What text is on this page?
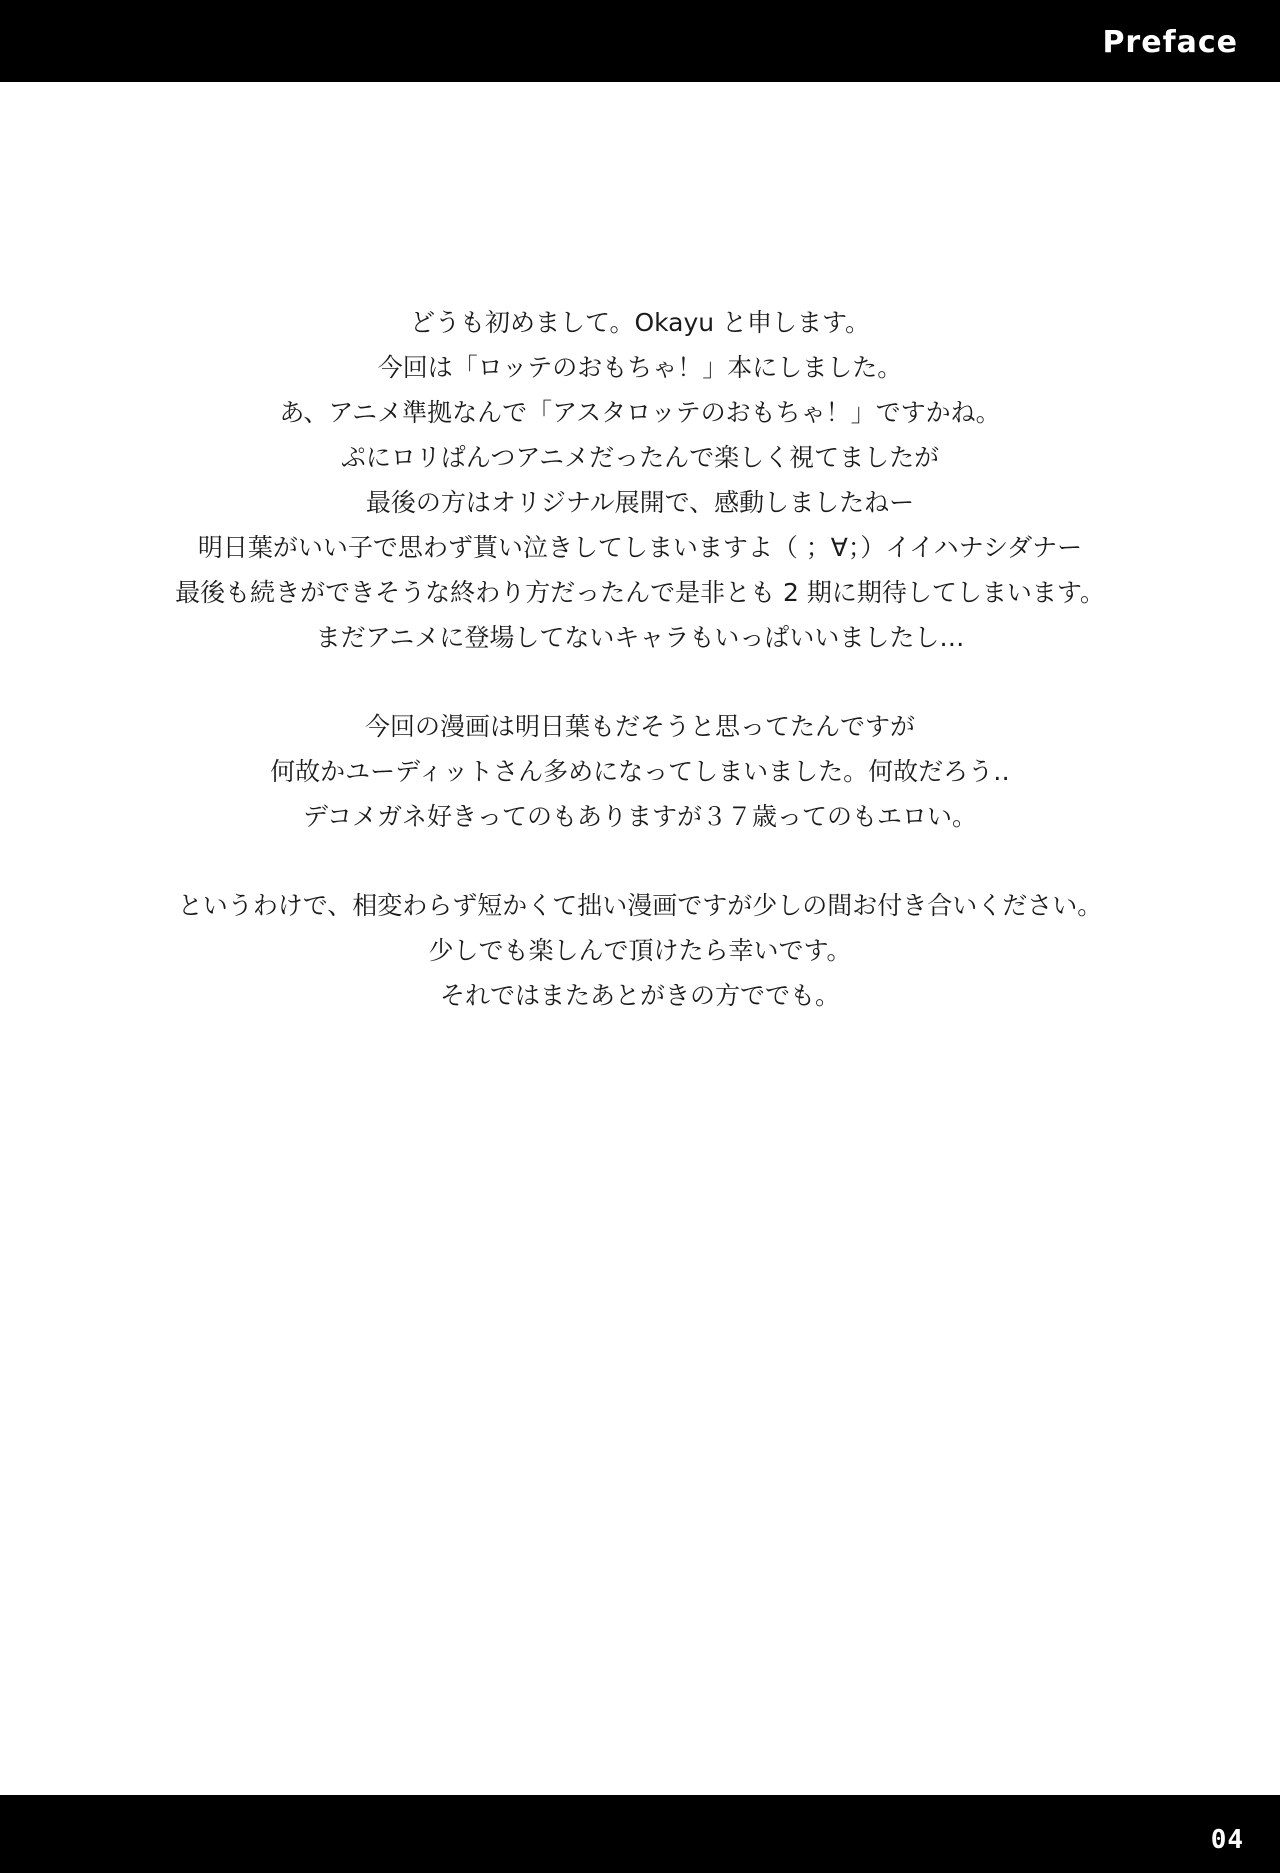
Preface
どうも初めまして。Okayu と申します。
今回は「ロッテのおもちゃ！」本にしました。
あ、アニメ準拠なんで「アスタロッテのおもちゃ！」ですかね。
ぷにロリぱんつアニメだったんで楽しく視てましたが
最後の方はオリジナル展開で、感動しましたねー
明日葉がいい子で思わず貰い泣きしてしまいますよ（ ；∀；）イイハナシダナー
最後も続きができそうな終わり方だったんで是非とも 2 期に期待してしまいます。
まだアニメに登場してないキャラもいっぱいいましたし…
今回の漫画は明日葉もだそうと思ってたんですが
何故かユーディットさん多めになってしまいました。何故だろう‥
デコメガネ好きってのもありますが３７歳ってのもエロい。
というわけで、相変わらず短かくて拙い漫画ですが少しの間お付き合いください。
少しでも楽しんで頂けたら幸いです。
それではまたあとがきの方ででも。
04
